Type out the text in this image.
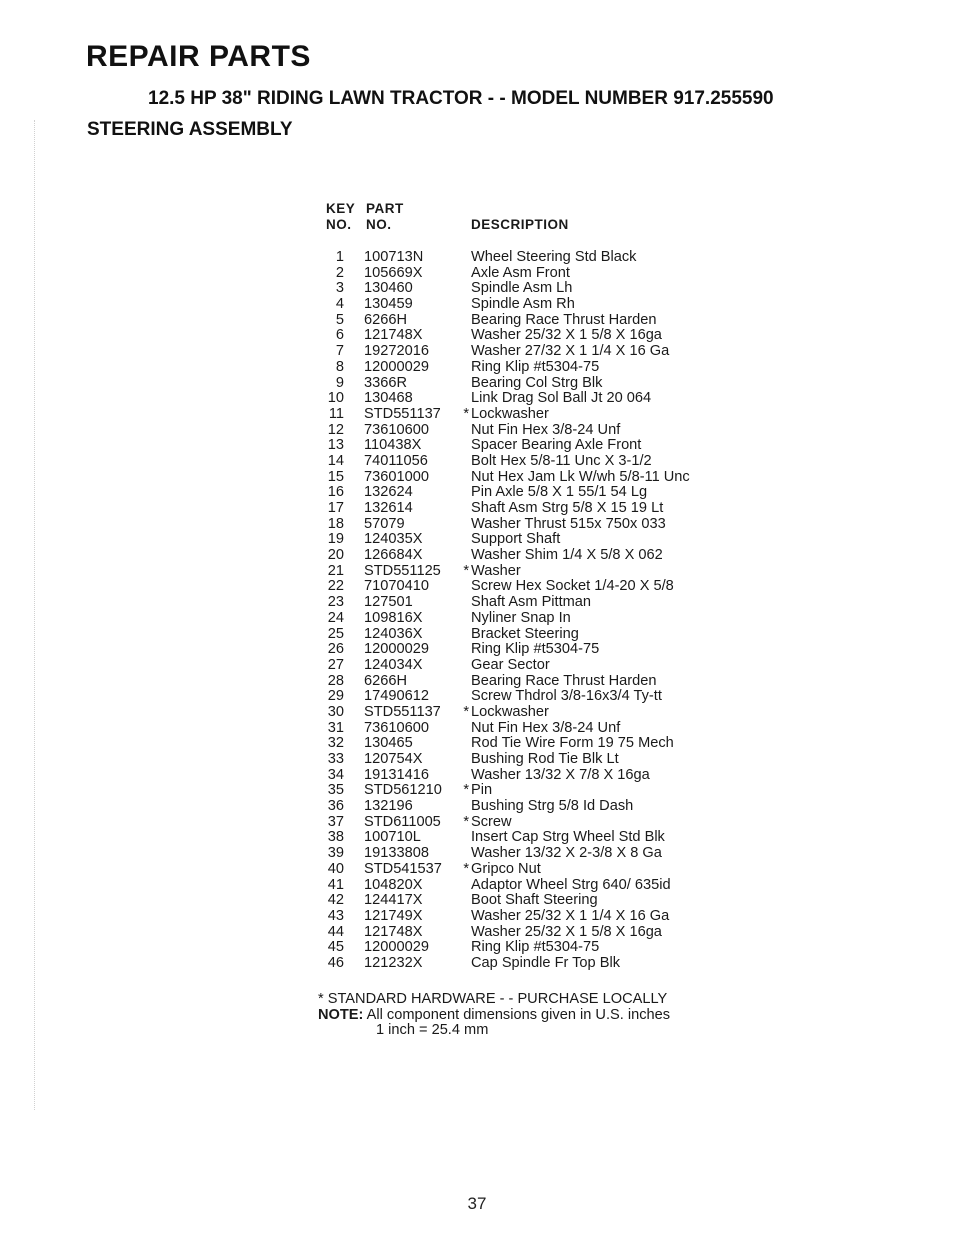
REPAIR PARTS
12.5 HP 38" RIDING LAWN TRACTOR - - MODEL NUMBER 917.255590
STEERING ASSEMBLY
KEY PART
NO. NO.	DESCRIPTION
1 100713N	Wheel Steering Std Black
2 105669X	Axle Asm Front
3 130460	Spindle Asm Lh
4 130459	Spindle Asm Rh
5 6266H	Bearing Race Thrust Harden
6 121748X	Washer 25/32 X 1 5/8 X 16ga
7 19272016	Washer 27/32 X 1 1/4 X 16 Ga
8 12000029	Ring Klip #t5304-75
9 3366R	Bearing Col Strg Blk
10 130468	Link Drag Sol Ball Jt 20 064
11 STD551137 * Lockwasher
12 73610600	Nut Fin Hex 3/8-24 Unf
13 110438X	Spacer Bearing Axle Front
14 74011056	Bolt Hex 5/8-11 Unc X 3-1/2
15 73601000	Nut Hex Jam Lk W/wh 5/8-11 Unc
16 132624	Pin Axle 5/8 X 1 55/1 54 Lg
17 132614	Shaft Asm Strg 5/8 X 15 19 Lt
18 57079	Washer Thrust 515x 750x 033
19 124035X	Support Shaft
20 126684X	Washer Shim 1/4 X 5/8 X 062
21 STD551125 * Washer
22 71070410	Screw Hex Socket 1/4-20 X 5/8
23 127501	Shaft Asm Pittman
24 109816X	Nyliner Snap In
25 124036X	Bracket Steering
26 12000029	Ring Klip #t5304-75
27 124034X	Gear Sector
28 6266H	Bearing Race Thrust Harden
29 17490612	Screw Thdrol 3/8-16x3/4 Ty-tt
30 STD551137 * Lockwasher
31 73610600	Nut Fin Hex 3/8-24 Unf
32 130465	Rod Tie Wire Form 19 75 Mech
33 120754X	Bushing Rod Tie Blk Lt
34 19131416	Washer 13/32 X 7/8 X 16ga
35 STD561210 * Pin
36 132196	Bushing Strg 5/8 Id Dash
37 STD611005 * Screw
38 100710L	Insert Cap Strg Wheel Std Blk
39 19133808	Washer 13/32 X 2-3/8 X 8 Ga
40 STD541537 * Gripco Nut
41 104820X	Adaptor Wheel Strg 640/ 635id
42 124417X	Boot Shaft Steering
43 121749X	Washer 25/32 X 1 1/4 X 16 Ga
44 121748X	Washer 25/32 X 1 5/8 X 16ga
45 12000029	Ring Klip #t5304-75
46 121232X	Cap Spindle Fr Top Blk
* STANDARD HARDWARE - - PURCHASE LOCALLY
NOTE: All component dimensions given in U.S. inches
1 inch = 25.4 mm
37
